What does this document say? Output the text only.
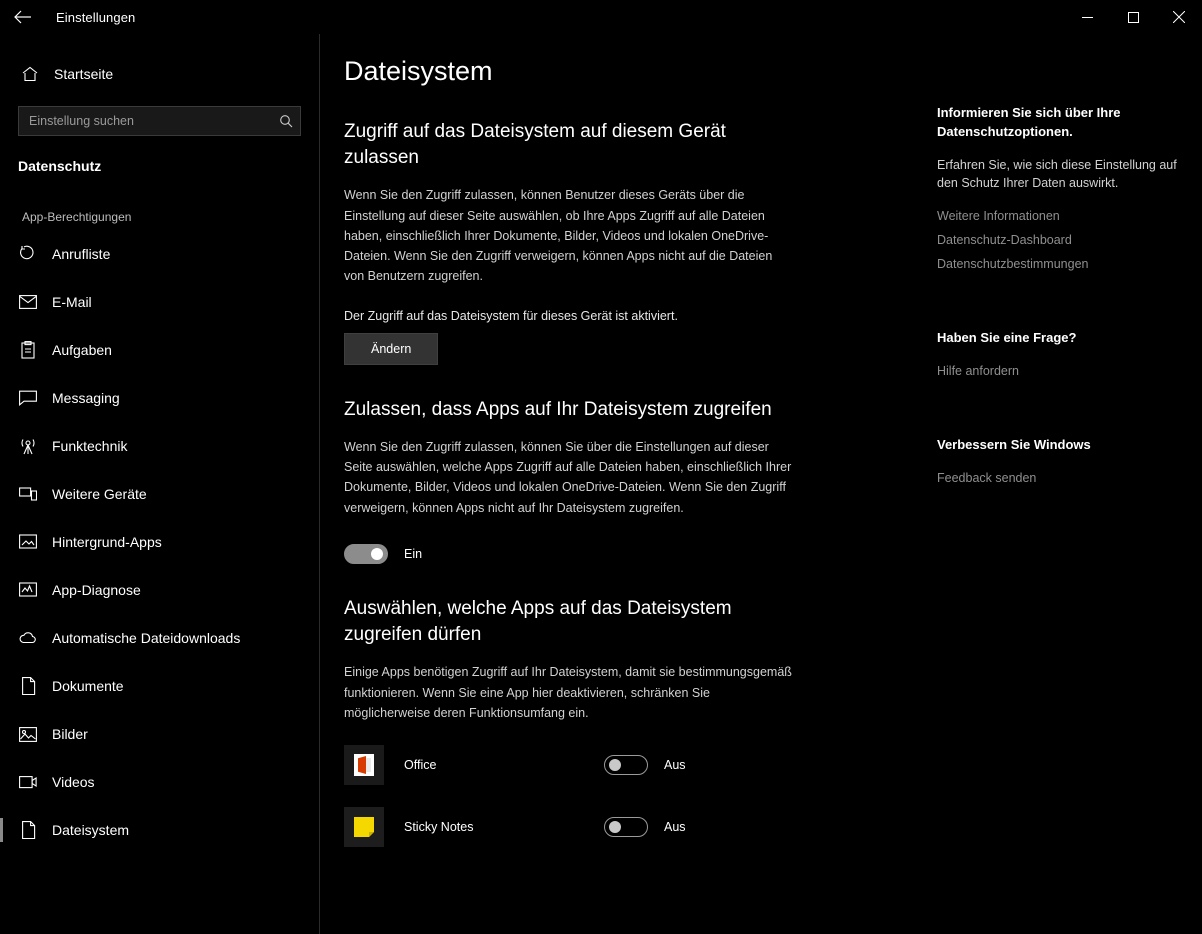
Einstellungen
Startseite
Einstellung suchen
Datenschutz
App-Berechtigungen
Anrufliste
E-Mail
Aufgaben
Messaging
Funktechnik
Weitere Geräte
Hintergrund-Apps
App-Diagnose
Automatische Dateidownloads
Dokumente
Bilder
Videos
Dateisystem
Dateisystem
Zugriff auf das Dateisystem auf diesem Gerät zulassen

Wenn Sie den Zugriff zulassen, können Benutzer dieses Geräts über die Einstellung auf dieser Seite auswählen, ob Ihre Apps Zugriff auf alle Dateien haben, einschließlich Ihrer Dokumente, Bilder, Videos und lokalen OneDrive-Dateien. Wenn Sie den Zugriff verweigern, können Apps nicht auf die Dateien von Benutzern zugreifen.

Der Zugriff auf das Dateisystem für dieses Gerät ist aktiviert.

Ändern
Zulassen, dass Apps auf Ihr Dateisystem zugreifen

Wenn Sie den Zugriff zulassen, können Sie über die Einstellungen auf dieser Seite auswählen, welche Apps Zugriff auf alle Dateien haben, einschließlich Ihrer Dokumente, Bilder, Videos und lokalen OneDrive-Dateien. Wenn Sie den Zugriff verweigern, können Apps nicht auf Ihr Dateisystem zugreifen.

Ein
Auswählen, welche Apps auf das Dateisystem zugreifen dürfen

Einige Apps benötigen Zugriff auf Ihr Dateisystem, damit sie bestimmungsgemäß funktionieren. Wenn Sie eine App hier deaktivieren, schränken Sie möglicherweise deren Funktionsumfang ein.

Office	Aus
Sticky Notes	Aus
Informieren Sie sich über Ihre Datenschutzoptionen.
Erfahren Sie, wie sich diese Einstellung auf den Schutz Ihrer Daten auswirkt.
Weitere Informationen
Datenschutz-Dashboard
Datenschutzbestimmungen
Haben Sie eine Frage?
Hilfe anfordern
Verbessern Sie Windows
Feedback senden
